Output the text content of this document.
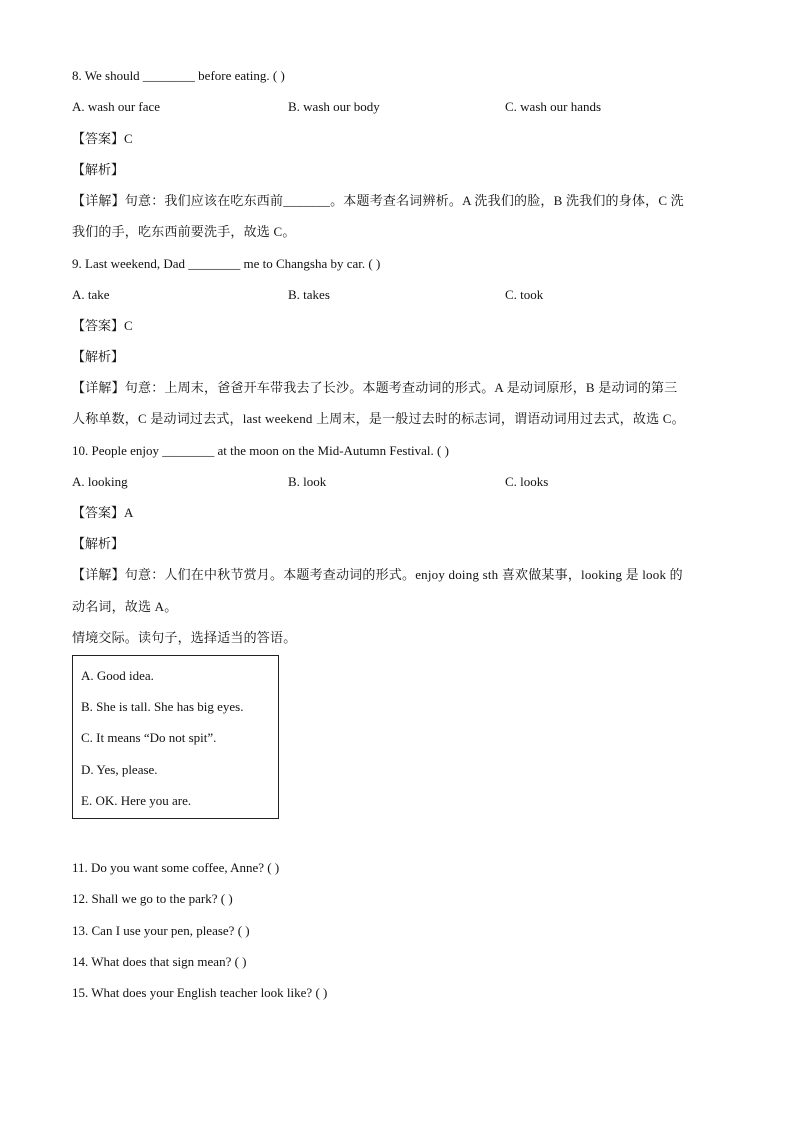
8. We should ________ before eating. ( )
A. wash our face	B. wash our body	C. wash our hands
【答案】C
【解析】
【详解】句意：我们应该在吃东西前_______。本题考查名词辨析。A 洗我们的脸，B 洗我们的身体，C 洗
我们的手，吃东西前要洗手，故选 C。
9. Last weekend, Dad ________ me to Changsha by car. ( )
A. take	B. takes	C. took
【答案】C
【解析】
【详解】句意：上周末，爸爸开车带我去了长沙。本题考查动词的形式。A 是动词原形，B 是动词的第三
人称单数，C 是动词过去式，last weekend 上周末，是一般过去时的标志词，谓语动词用过去式，故选 C。
10. People enjoy ________ at the moon on the Mid-Autumn Festival. ( )
A. looking	B. look	C. looks
【答案】A
【解析】
【详解】句意：人们在中秋节赏月。本题考查动词的形式。enjoy doing sth 喜欢做某事，looking 是 look 的
动名词，故选 A。
情境交际。读句子，选择适当的答语。
A. Good idea.
B. She is tall. She has big eyes.
C. It means “Do not spit”.
D. Yes, please.
E. OK. Here you are.
11. Do you want some coffee, Anne? ( )
12. Shall we go to the park? ( )
13. Can I use your pen, please? ( )
14. What does that sign mean? ( )
15. What does your English teacher look like? ( )
